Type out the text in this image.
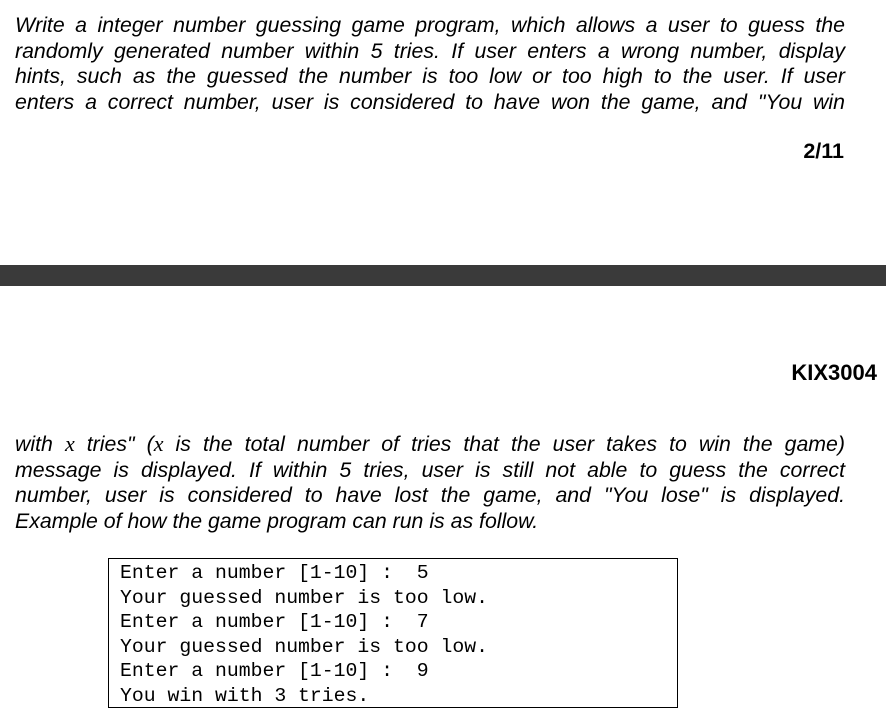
Write a integer number guessing game program, which allows a user to guess the
randomly generated number within 5 tries. If user enters a wrong number, display
hints, such as the guessed the number is too low or too high to the user. If user
enters a correct number, user is considered to have won the game, and "You win
2/11
KIX3004
with x tries" (x is the total number of tries that the user takes to win the game)
message is displayed. If within 5 tries, user is still not able to guess the correct
number, user is considered to have lost the game, and "You lose" is displayed.
Example of how the game program can run is as follow.
Enter a number [1-10] :  5
Your guessed number is too low.
Enter a number [1-10] :  7
Your guessed number is too low.
Enter a number [1-10] :  9
You win with 3 tries.
